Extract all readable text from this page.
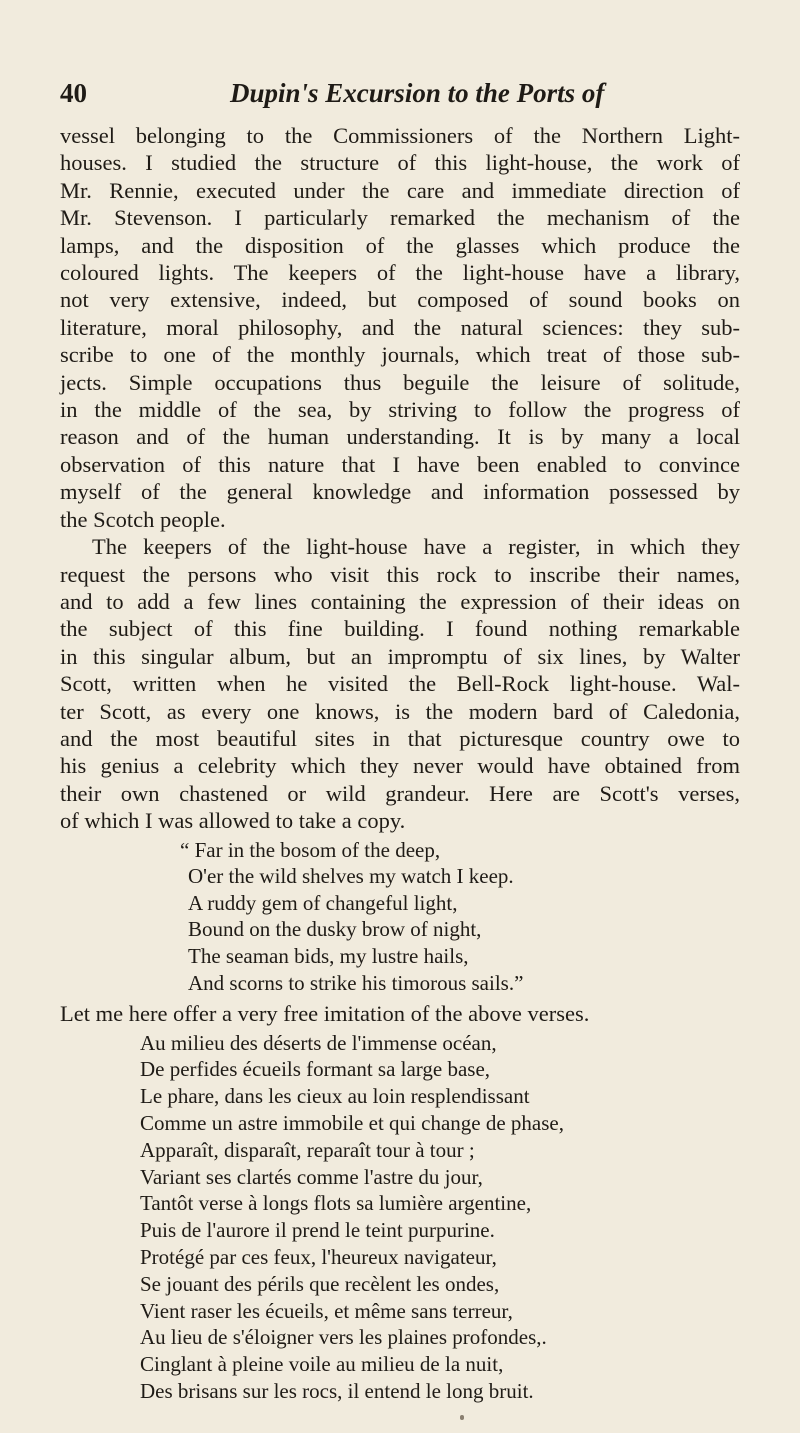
40	Dupin's Excursion to the Ports of

vessel belonging to the Commissioners of the Northern Light-
houses. I studied the structure of this light-house, the work of
Mr. Rennie, executed under the care and immediate direction of
Mr. Stevenson. I particularly remarked the mechanism of the
lamps, and the disposition of the glasses which produce the
coloured lights. The keepers of the light-house have a library,
not very extensive, indeed, but composed of sound books on
literature, moral philosophy, and the natural sciences: they sub-
scribe to one of the monthly journals, which treat of those sub-
jects. Simple occupations thus beguile the leisure of solitude,
in the middle of the sea, by striving to follow the progress of
reason and of the human understanding. It is by many a local
observation of this nature that I have been enabled to convince
myself of the general knowledge and information possessed by
the Scotch people.

The keepers of the light-house have a register, in which they
request the persons who visit this rock to inscribe their names,
and to add a few lines containing the expression of their ideas on
the subject of this fine building. I found nothing remarkable
in this singular album, but an impromptu of six lines, by Walter
Scott, written when he visited the Bell-Rock light-house. Wal-
ter Scott, as every one knows, is the modern bard of Caledonia,
and the most beautiful sites in that picturesque country owe to
his genius a celebrity which they never would have obtained from
their own chastened or wild grandeur. Here are Scott's verses,
of which I was allowed to take a copy.

“ Far in the bosom of the deep,
O'er the wild shelves my watch I keep.
A ruddy gem of changeful light,
Bound on the dusky brow of night,
The seaman bids, my lustre hails,
And scorns to strike his timorous sails.”
Let me here offer a very free imitation of the above verses.
Au milieu des déserts de l'immense océan,
De perfides écueils formant sa large base,
Le phare, dans les cieux au loin resplendissant
Comme un astre immobile et qui change de phase,
Apparaît, disparaît, reparaît tour à tour ;
Variant ses clartés comme l'astre du jour,
Tantôt verse à longs flots sa lumière argentine,
Puis de l'aurore il prend le teint purpurine.
Protégé par ces feux, l'heureux navigateur,
Se jouant des périls que recèlent les ondes,
Vient raser les écueils, et même sans terreur,
Au lieu de s'éloigner vers les plaines profondes,.
Cinglant à pleine voile au milieu de la nuit,
Des brisans sur les rocs, il entend le long bruit.
